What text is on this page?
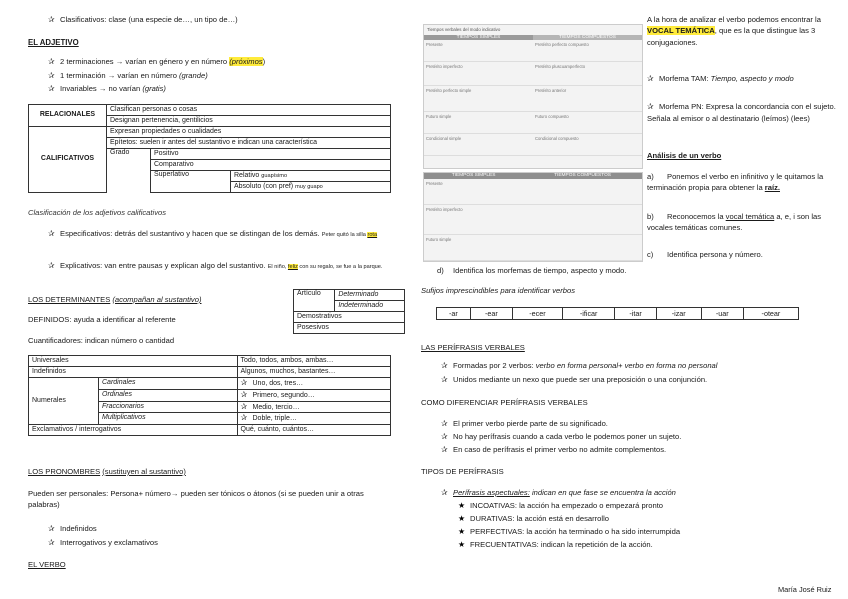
✰ Clasificativos: clase (una especie de…, un tipo de…)
EL ADJETIVO
✰ 2 terminaciones → varían en género y en número (próximos)
✰ 1 terminación → varían en número (grande)
✰ Invariables → no varían (gratis)
RELACIONALES	Clasifican personas o cosas		
	Designan pertenencia, gentilicios		
CALIFICATIVOS	Expresan propiedades o cualidades		
	Epítetos: suelen ir antes del sustantivo e indican una característica		
	Grado	Positivo	
		Comparativo	
		Superlativo	Relativo guapísimo
			Absoluto (con pref) muy guapo
Clasificación de los adjetivos calificativos
✰ Especificativos: detrás del sustantivo y hacen que se distingan de los demás. Peter quitó la silla rota
✰ Explicativos: van entre pausas y explican algo del sustantivo. El niño, feliz con su regalo, se fue a la parque.
LOS DETERMINANTES (acompañan al sustantivo)
DEFINIDOS: ayuda a identificar al referente
Cuantificadores: indican número o cantidad
Artículo	Determinado
Indeterminado
Demostrativos
Posesivos
Universales		Todo, todos, ambos, ambas…
Indefinidos		Algunos, muchos, bastantes…
Numerales	Cardinales	✰ Uno, dos, tres…
	Ordinales	✰ Primero, segundo…
	Fraccionarios	✰ Medio, tercio…
	Multiplicativos	✰ Doble, triple…
Exclamativos / interrogativos		Qué, cuánto, cuántos…
LOS PRONOMBRES (sustituyen al sustantivo)
Pueden ser personales: Persona+ número→ pueden ser tónicos o átonos (si se pueden unir a otras palabras)
✰ Indefinidos
✰ Interrogativos y exclamativos
EL VERBO
Tiempos verbales del modo indicativo
TIEMPOS SIMPLES	TIEMPOS COMPUESTOS
Presente	Pretérito perfecto compuesto
Pretérito imperfecto	Pretérito pluscuamperfecto
Pretérito perfecto simple	Pretérito anterior
Futuro simple	Futuro compuesto
Condicional simple	Condicional compuesto
TIEMPOS SIMPLES	TIEMPOS COMPUESTOS
Presente
Pretérito imperfecto
Futuro simple
A la hora de analizar el verbo podemos encontrar la VOCAL TEMÁTICA, que es la que distingue las 3 conjugaciones.
✰ Morfema TAM: Tiempo, aspecto y modo
✰ Morfema PN: Expresa la concordancia con el sujeto. Señala al emisor o al destinatario (leímos) (lees)
Análisis de un verbo
a) Ponemos el verbo en infinitivo y le quitamos la terminación propia para obtener la raíz.
b) Reconocemos la vocal temática a, e, i son las vocales temáticas comunes.
c) Identifica persona y número.
d) Identifica los morfemas de tiempo, aspecto y modo.
Sufijos imprescindibles para identificar verbos
-ar	-ear	-ecer	-ificar	-itar	-izar	-uar	-otear
LAS PERÍFRASIS VERBALES
✰ Formadas por 2 verbos: verbo en forma personal+ verbo en forma no personal
✰ Unidos mediante un nexo que puede ser una preposición o una conjunción.
COMO DIFERENCIAR PERÍFRASIS VERBALES
✰ El primer verbo pierde parte de su significado.
✰ No hay perífrasis cuando a cada verbo le podemos poner un sujeto.
✰ En caso de perífrasis el primer verbo no admite complementos.
TIPOS DE PERÍFRASIS
✰ Perífrasis aspectuales: indican en que fase se encuentra la acción
★ INCOATIVAS: la acción ha empezado o empezará pronto
★ DURATIVAS: la acción está en desarrollo
★ PERFECTIVAS: la acción ha terminado o ha sido interrumpida
★ FRECUENTATIVAS: indican la repetición de la acción.
María José Ruiz
